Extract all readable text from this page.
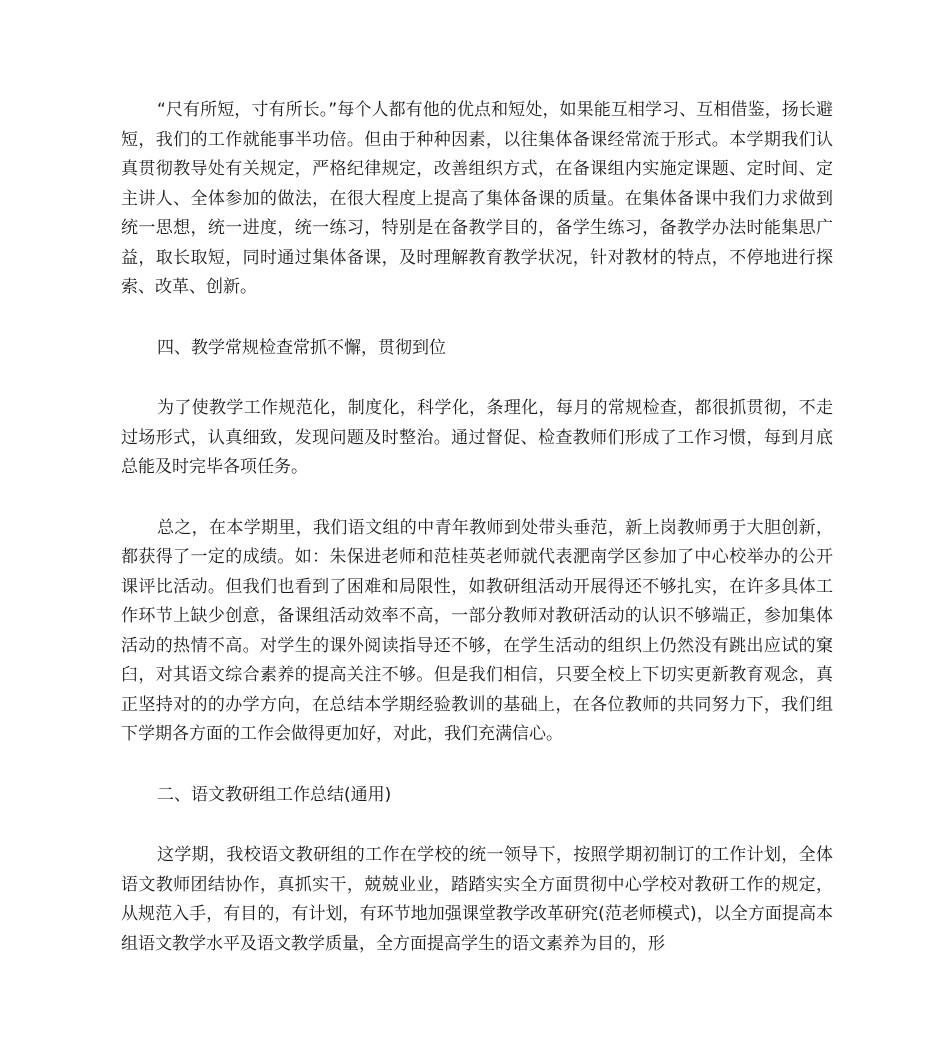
“尺有所短，寸有所长。”每个人都有他的优点和短处，如果能互相学习、互相借鉴，扬长避短，我们的工作就能事半功倍。但由于种种因素，以往集体备课经常流于形式。本学期我们认真贯彻教导处有关规定，严格纪律规定，改善组织方式，在备课组内实施定课题、定时间、定主讲人、全体参加的做法，在很大程度上提高了集体备课的质量。在集体备课中我们力求做到统一思想，统一进度，统一练习，特别是在备教学目的，备学生练习，备教学办法时能集思广益，取长取短，同时通过集体备课，及时理解教育教学状况，针对教材的特点，不停地进行探索、改革、创新。

四、教学常规检查常抓不懈，贯彻到位

为了使教学工作规范化，制度化，科学化，条理化，每月的常规检查，都很抓贯彻，不走过场形式，认真细致，发现问题及时整治。通过督促、检查教师们形成了工作习惯，每到月底总能及时完毕各项任务。

总之，在本学期里，我们语文组的中青年教师到处带头垂范，新上岗教师勇于大胆创新，都获得了一定的成绩。如：朱保进老师和范桂英老师就代表淝南学区参加了中心校举办的公开课评比活动。但我们也看到了困难和局限性，如教研组活动开展得还不够扎实，在许多具体工作环节上缺少创意，备课组活动效率不高，一部分教师对教研活动的认识不够端正，参加集体活动的热情不高。对学生的课外阅读指导还不够，在学生活动的组织上仍然没有跳出应试的窠臼，对其语文综合素养的提高关注不够。但是我们相信，只要全校上下切实更新教育观念，真正坚持对的的办学方向，在总结本学期经验教训的基础上，在各位教师的共同努力下，我们组下学期各方面的工作会做得更加好，对此，我们充满信心。

二、语文教研组工作总结(通用)

这学期，我校语文教研组的工作在学校的统一领导下，按照学期初制订的工作计划，全体语文教师团结协作，真抓实干，兢兢业业，踏踏实实全方面贯彻中心学校对教研工作的规定，从规范入手，有目的，有计划，有环节地加强课堂教学改革研究(范老师模式)，以全方面提高本组语文教学水平及语文教学质量，全方面提高学生的语文素养为目的，形
